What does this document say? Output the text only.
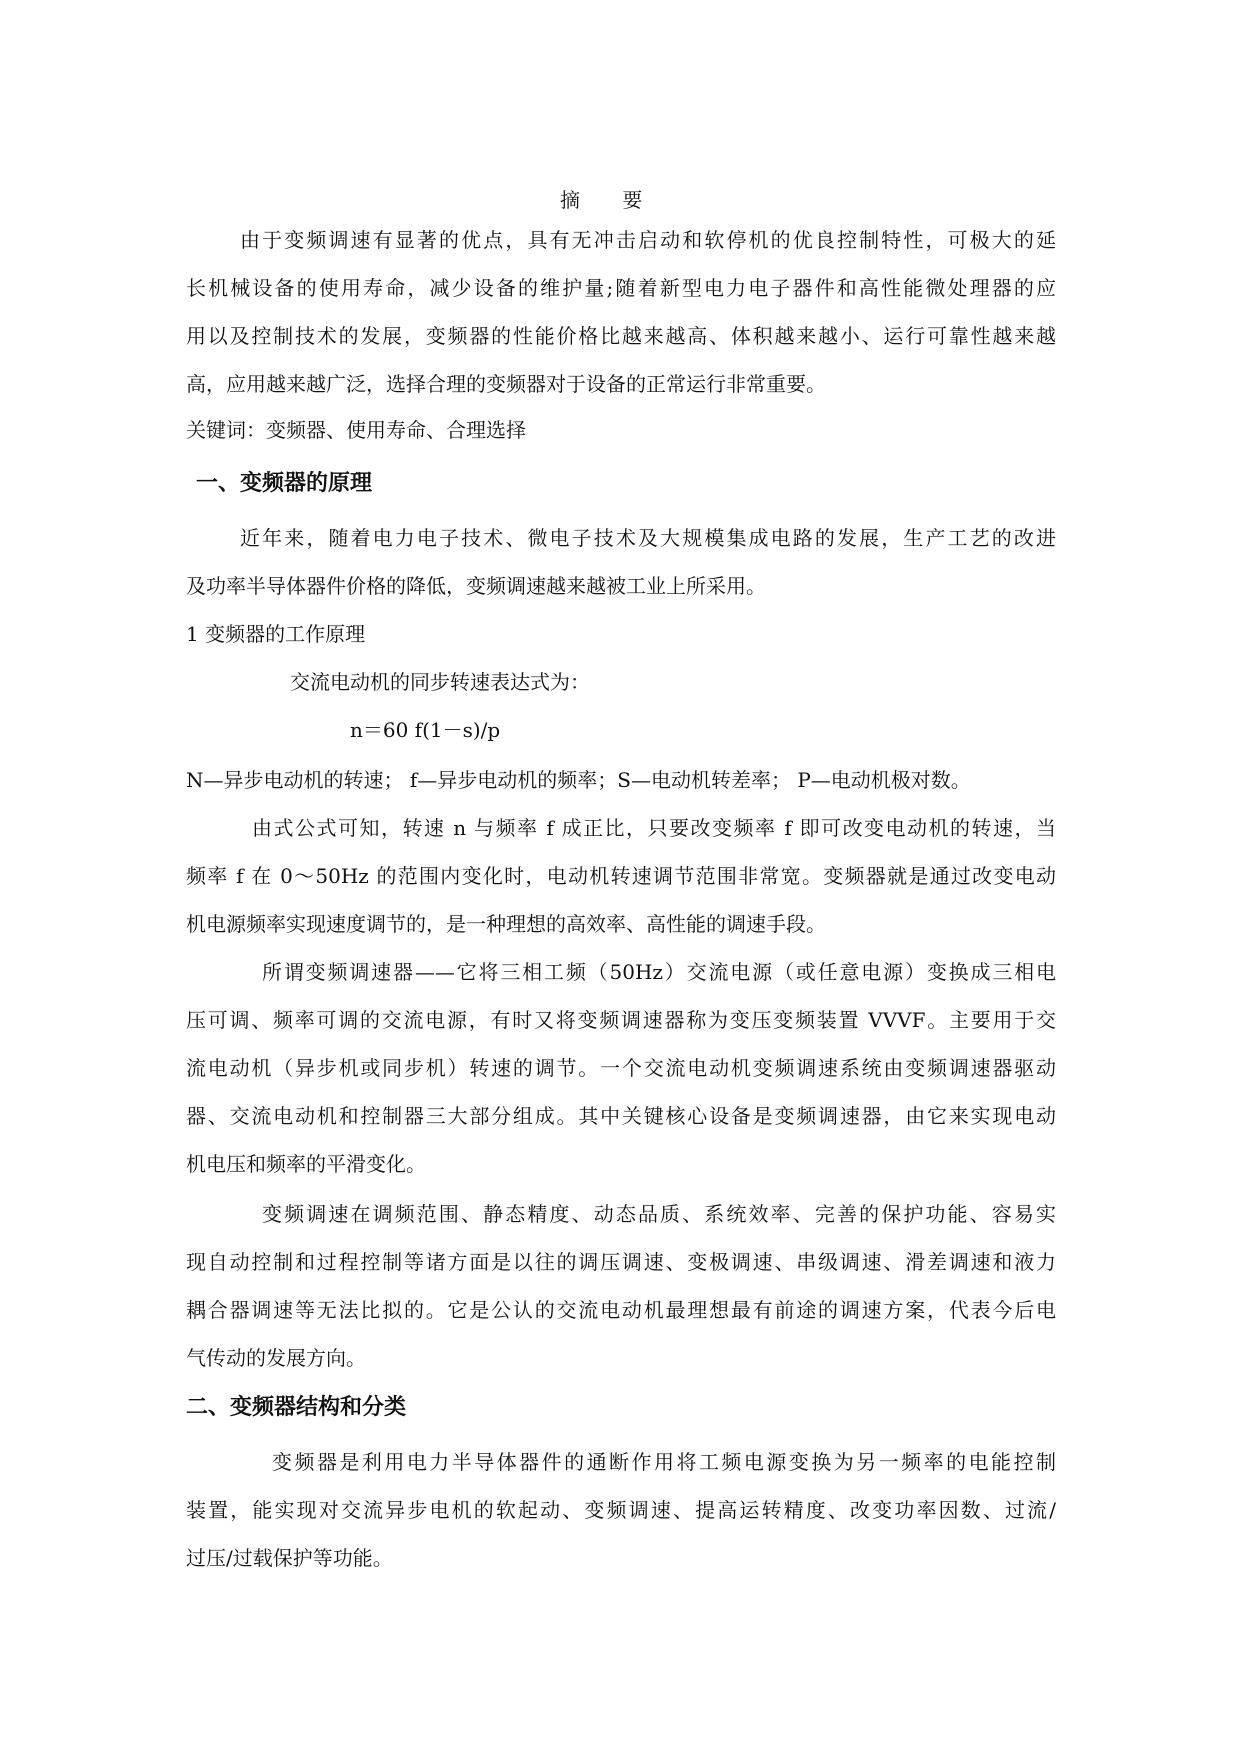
摘 要
由于变频调速有显著的优点，具有无冲击启动和软停机的优良控制特性，可极大的延
长机械设备的使用寿命，减少设备的维护量;随着新型电力电子器件和高性能微处理器的应
用以及控制技术的发展，变频器的性能价格比越来越高、体积越来越小、运行可靠性越来越
高，应用越来越广泛，选择合理的变频器对于设备的正常运行非常重要。
关键词：变频器、使用寿命、合理选择
一、变频器的原理
近年来，随着电力电子技术、微电子技术及大规模集成电路的发展，生产工艺的改进
及功率半导体器件价格的降低，变频调速越来越被工业上所采用。
1 变频器的工作原理
交流电动机的同步转速表达式为：
n＝60 f(1－s)/p
N—异步电动机的转速； f—异步电动机的频率；S—电动机转差率； P—电动机极对数。
由式公式可知，转速 n 与频率 f 成正比，只要改变频率 f 即可改变电动机的转速，当
频率 f 在 0～50Hz 的范围内变化时，电动机转速调节范围非常宽。变频器就是通过改变电动
机电源频率实现速度调节的，是一种理想的高效率、高性能的调速手段。
所谓变频调速器——它将三相工频（50Hz）交流电源（或任意电源）变换成三相电
压可调、频率可调的交流电源，有时又将变频调速器称为变压变频装置 VVVF。主要用于交
流电动机（异步机或同步机）转速的调节。一个交流电动机变频调速系统由变频调速器驱动
器、交流电动机和控制器三大部分组成。其中关键核心设备是变频调速器，由它来实现电动
机电压和频率的平滑变化。
变频调速在调频范围、静态精度、动态品质、系统效率、完善的保护功能、容易实
现自动控制和过程控制等诸方面是以往的调压调速、变极调速、串级调速、滑差调速和液力
耦合器调速等无法比拟的。它是公认的交流电动机最理想最有前途的调速方案，代表今后电
气传动的发展方向。
二、变频器结构和分类
变频器是利用电力半导体器件的通断作用将工频电源变换为另一频率的电能控制
装置，能实现对交流异步电机的软起动、变频调速、提高运转精度、改变功率因数、过流/
过压/过载保护等功能。
